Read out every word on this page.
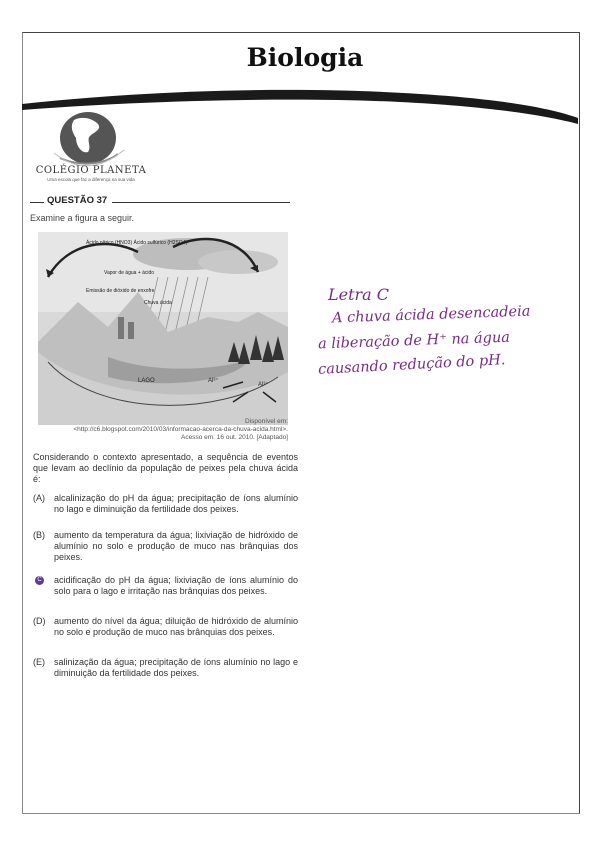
Biologia
COLÉGIO PLANETA
Uma escola que faz a diferença na sua vida
QUESTÃO 37
Examine a figura a seguir.
Ácido nítrico (HNO3) Ácido sulfúrico (H2SO4)
Vapor de água + ácido
Emissão de dióxido de enxofre
Chuva ácida
LAGO	Al³⁺
Al³⁺
Disponível em:
<http://c6.blogspot.com/2010/03/informacao-acerca-da-chuva-acida.html>.
Acesso em: 16 out. 2010. [Adaptado]
Considerando o contexto apresentado, a sequência de eventos que levam ao declínio da população de peixes pela chuva ácida é:
(A)	alcalinização do pH da água; precipitação de íons alumínio no lago e diminuição da fertilidade dos peixes.
(B)	aumento da temperatura da água; lixiviação de hidróxido de alumínio no solo e produção de muco nas brânquias dos peixes.
C acidificação do pH da água; lixiviação de íons alumínio do solo para o lago e irritação nas brânquias dos peixes.
(D) aumento do nível da água; diluição de hidróxido de alumínio no solo e produção de muco nas brânquias dos peixes.
(E)	salinização da água; precipitação de íons alumínio no lago e diminuição da fertilidade dos peixes.
Letra C
A chuva ácida desencadeia
a liberação de H⁺ na água
causando redução do pH.
